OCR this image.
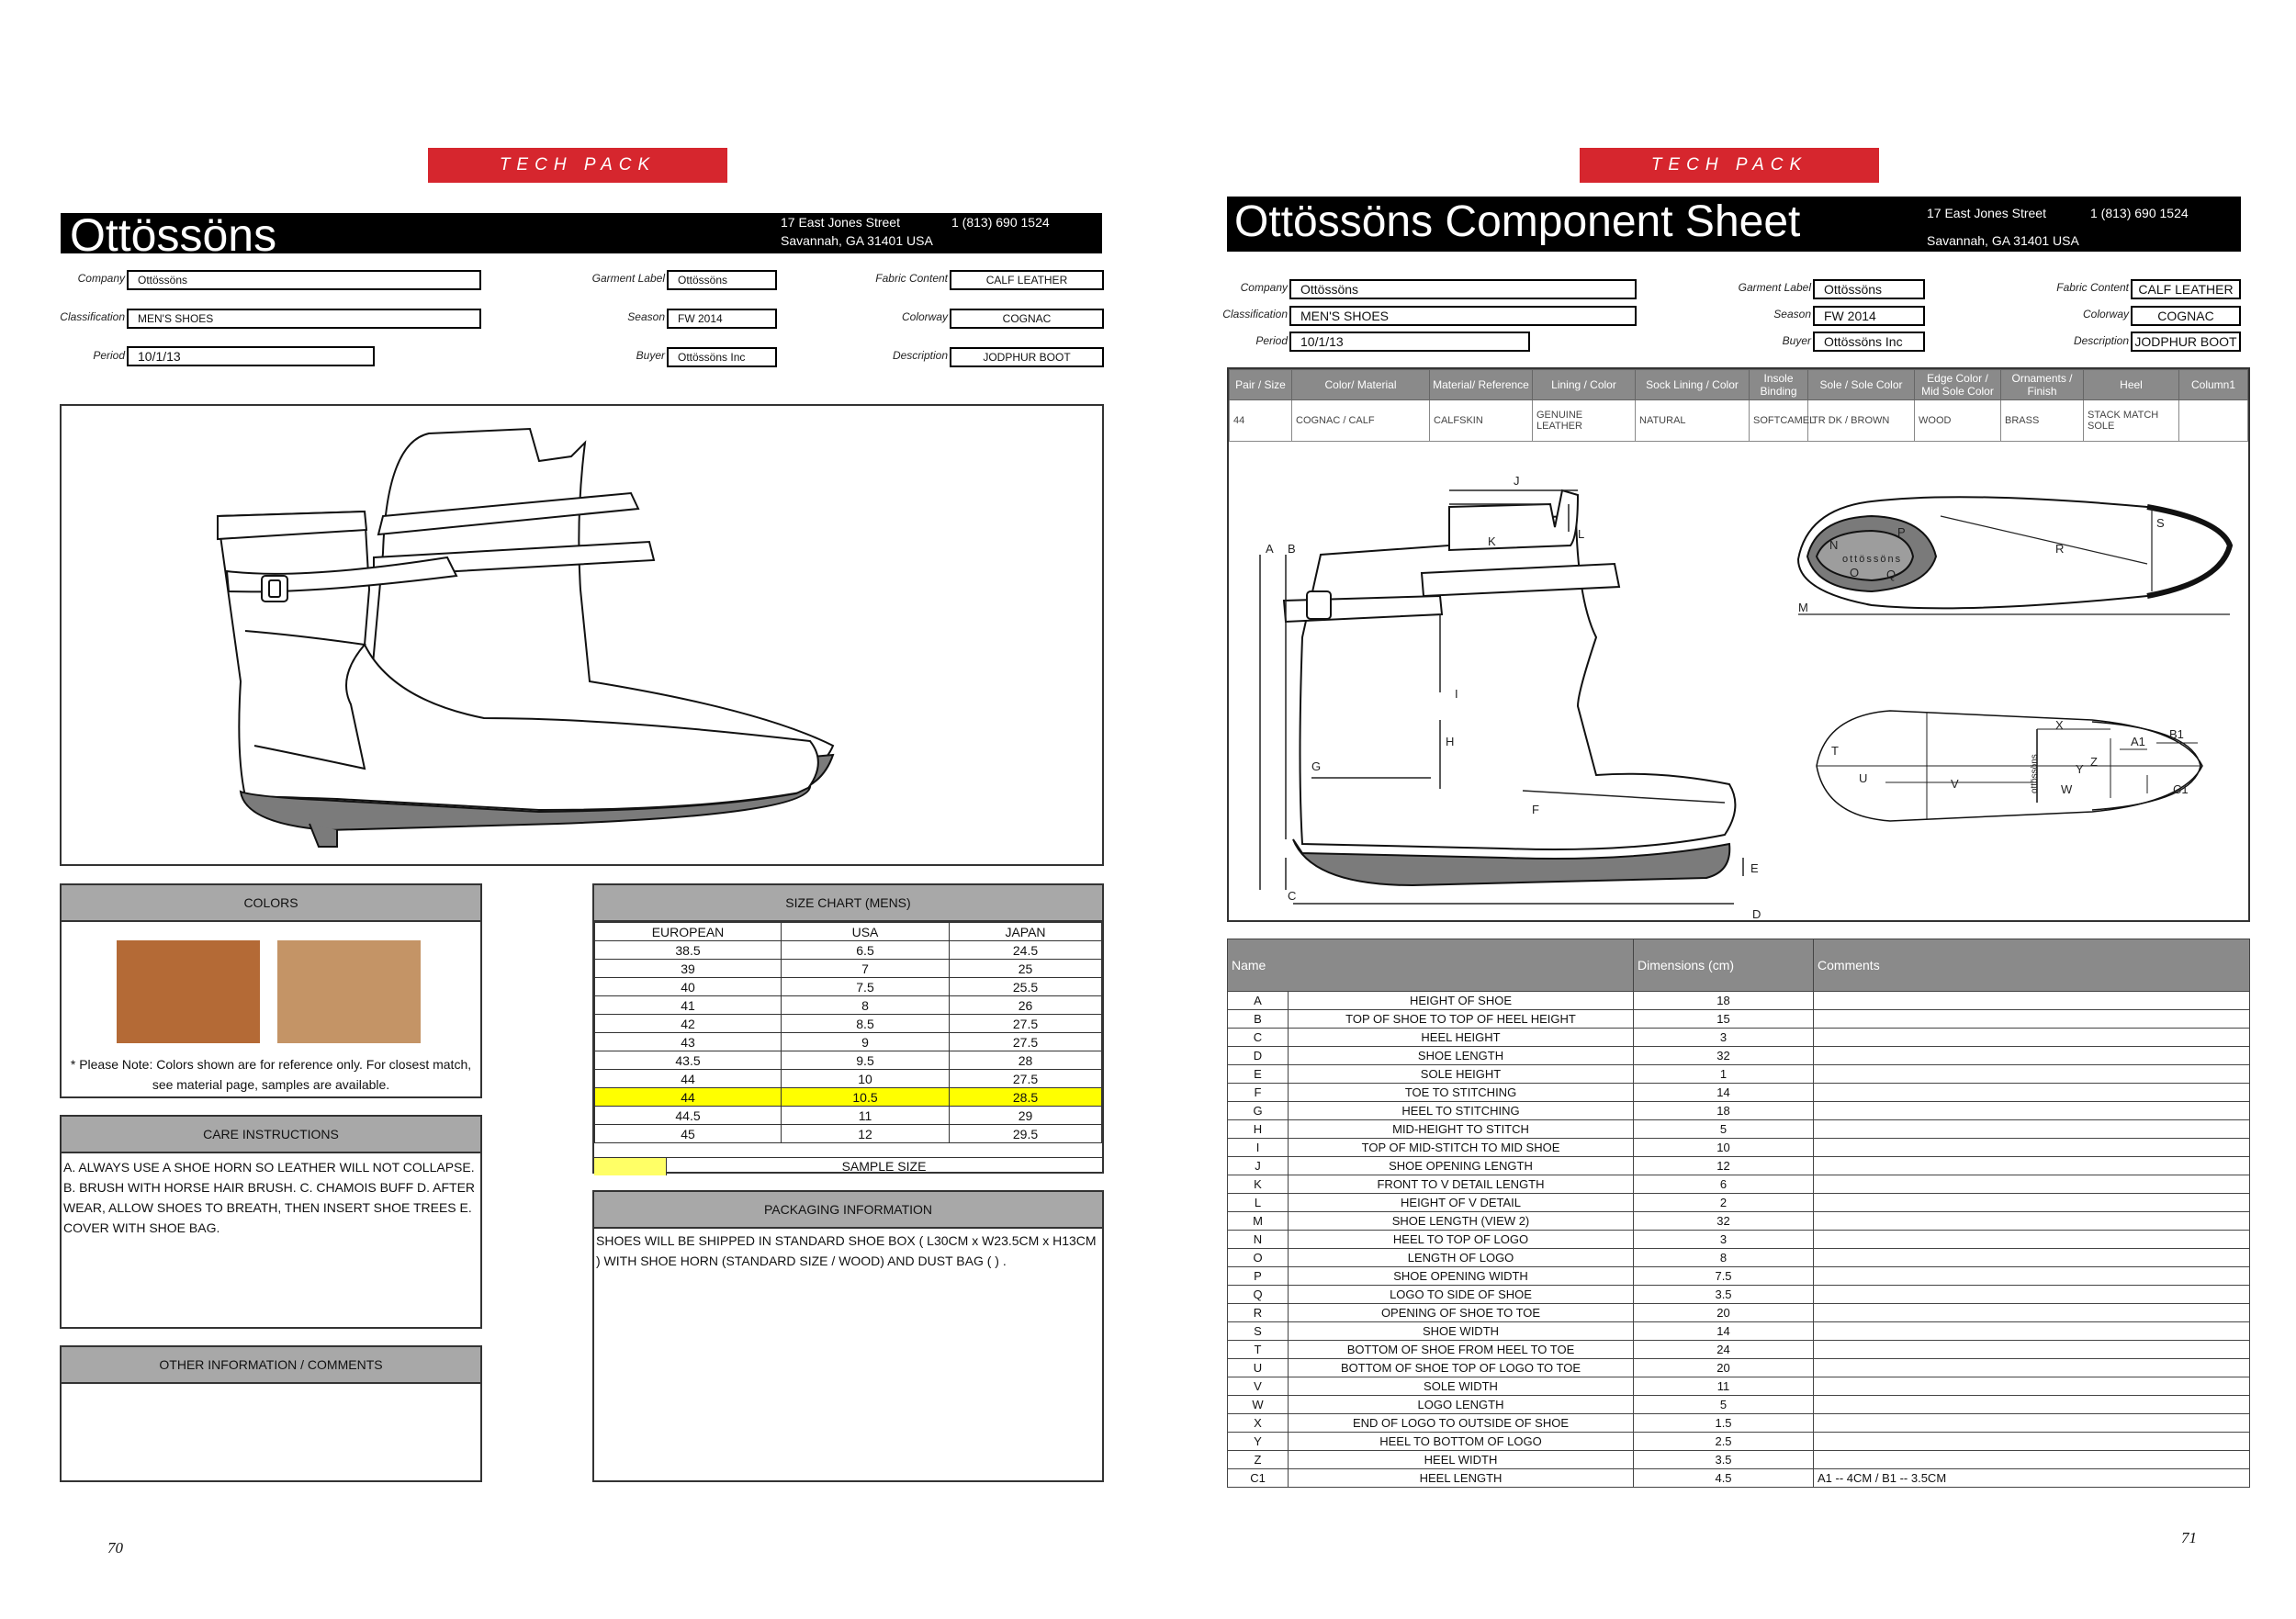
TECH PACK
Ottössöns	17 East Jones Street
Savannah, GA 31401 USA
1 (813) 690 1524
Company	Ottössöns
Classification	MEN'S SHOES
Period	10/1/13
Garment Label	Ottössöns
Season	FW 2014
Buyer	Ottössöns Inc
Fabric Content	CALF LEATHER
Colorway	COGNAC
Description	JODPHUR BOOT
COLORS
* Please Note: Colors shown are for reference only. For closest match, see material page, samples are available.
CARE INSTRUCTIONS
A. ALWAYS USE A SHOE HORN SO LEATHER WILL NOT COLLAPSE. B. BRUSH WITH HORSE HAIR BRUSH. C. CHAMOIS BUFF D. AFTER WEAR, ALLOW SHOES TO BREATH, THEN INSERT SHOE TREES E. COVER WITH SHOE BAG.
OTHER INFORMATION / COMMENTS
SIZE CHART (MENS)
EUROPEAN	USA	JAPAN
38.5	6.5	24.5
39	7	25
40	7.5	25.5
41	8	26
42	8.5	27.5
43	9	27.5
43.5	9.5	28
44	10	27.5
44	10.5	28.5
44.5	11	29
45	12	29.5
SAMPLE SIZE
PACKAGING INFORMATION
SHOES WILL BE SHIPPED IN STANDARD SHOE BOX ( L30CM x W23.5CM x H13CM ) WITH SHOE HORN (STANDARD SIZE / WOOD) AND DUST BAG ( ) .
70
TECH PACK
Ottössöns Component Sheet	17 East Jones Street
Savannah, GA 31401 USA
1 (813) 690 1524
Company	Ottössöns
Classification	MEN'S SHOES
Period	10/1/13
Garment Label	Ottössöns
Season	FW 2014
Buyer	Ottössöns Inc
Fabric Content CALF LEATHER
Colorway	COGNAC
Description JODPHUR BOOT
Pair / Size	Color/ Material	Material/ Reference	Lining / Color	Sock Lining / Color	Insole Binding	Sole / Sole Color	Edge Color / Mid Sole Color	Ornaments / Finish	Heel	Column1
44	COGNAC / CALF	CALFSKIN	GENUINE LEATHER	NATURAL	SOFTCAMEL	TR DK / BROWN	WOOD	BRASS	STACK MATCH SOLE	
A B
C
D
E
F
G
H
I
J
K
L
ottössöns
M
N
O
P
Q
R
S
ottössöns
T
U	V	W
X
Y
Z
A1
B1
C1
Name		Dimensions (cm)	Comments
A	HEIGHT OF SHOE	18	
B	TOP OF SHOE TO TOP OF HEEL HEIGHT	15	
C	HEEL HEIGHT	3	
D	SHOE LENGTH	32	
E	SOLE HEIGHT	1	
F	TOE TO STITCHING	14	
G	HEEL TO STITCHING	18	
H	MID-HEIGHT TO STITCH	5	
I	TOP OF MID-STITCH TO MID SHOE	10	
J	SHOE OPENING LENGTH	12	
K	FRONT TO V DETAIL LENGTH	6	
L	HEIGHT OF V DETAIL	2	
M	SHOE LENGTH (VIEW 2)	32	
N	HEEL TO TOP OF LOGO	3	
O	LENGTH OF LOGO	8	
P	SHOE OPENING WIDTH	7.5	
Q	LOGO TO SIDE OF SHOE	3.5	
R	OPENING OF SHOE TO TOE	20	
S	SHOE WIDTH	14	
T	BOTTOM OF SHOE FROM HEEL TO TOE	24	
U	BOTTOM OF SHOE TOP OF LOGO TO TOE	20	
V	SOLE WIDTH	11	
W	LOGO LENGTH	5	
X	END OF LOGO TO OUTSIDE OF SHOE	1.5	
Y	HEEL TO BOTTOM OF LOGO	2.5	
Z	HEEL WIDTH	3.5	
C1	HEEL LENGTH	4.5	A1 -- 4CM / B1 -- 3.5CM
71
